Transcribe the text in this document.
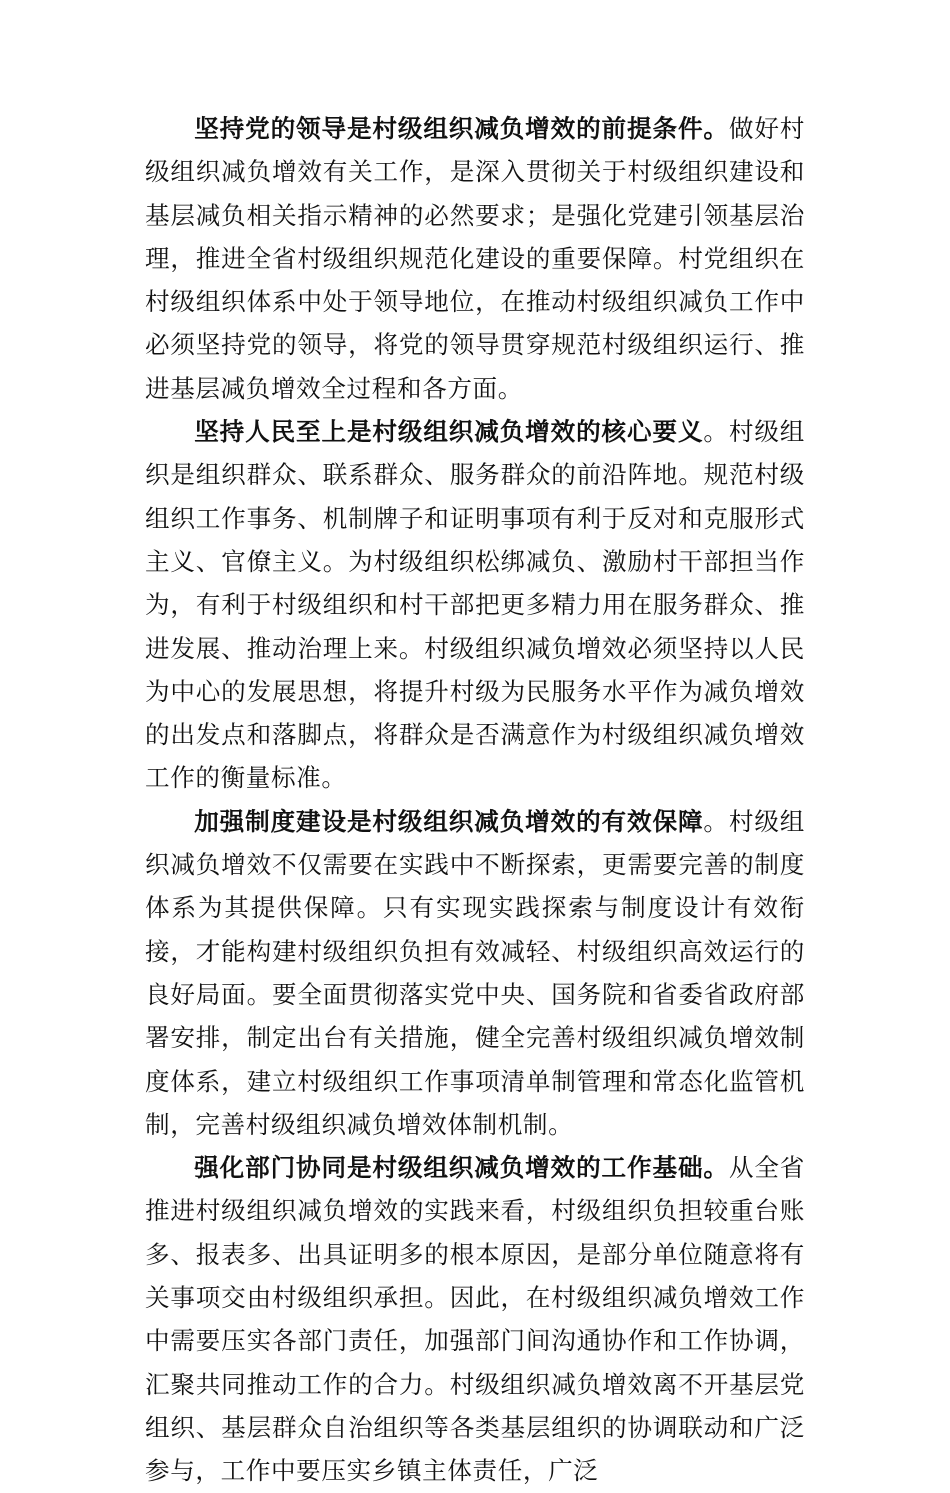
坚持党的领导是村级组织减负增效的前提条件。做好村级组织减负增效有关工作，是深入贯彻关于村级组织建设和基层减负相关指示精神的必然要求；是强化党建引领基层治理，推进全省村级组织规范化建设的重要保障。村党组织在村级组织体系中处于领导地位，在推动村级组织减负工作中必须坚持党的领导，将党的领导贯穿规范村级组织运行、推进基层减负增效全过程和各方面。

坚持人民至上是村级组织减负增效的核心要义。村级组织是组织群众、联系群众、服务群众的前沿阵地。规范村级组织工作事务、机制牌子和证明事项有利于反对和克服形式主义、官僚主义。为村级组织松绑减负、激励村干部担当作为，有利于村级组织和村干部把更多精力用在服务群众、推进发展、推动治理上来。村级组织减负增效必须坚持以人民为中心的发展思想，将提升村级为民服务水平作为减负增效的出发点和落脚点，将群众是否满意作为村级组织减负增效工作的衡量标准。

加强制度建设是村级组织减负增效的有效保障。村级组织减负增效不仅需要在实践中不断探索，更需要完善的制度体系为其提供保障。只有实现实践探索与制度设计有效衔接，才能构建村级组织负担有效减轻、村级组织高效运行的良好局面。要全面贯彻落实党中央、国务院和省委省政府部署安排，制定出台有关措施，健全完善村级组织减负增效制度体系，建立村级组织工作事项清单制管理和常态化监管机制，完善村级组织减负增效体制机制。

强化部门协同是村级组织减负增效的工作基础。从全省推进村级组织减负增效的实践来看，村级组织负担较重台账多、报表多、出具证明多的根本原因，是部分单位随意将有关事项交由村级组织承担。因此，在村级组织减负增效工作中需要压实各部门责任，加强部门间沟通协作和工作协调，汇聚共同推动工作的合力。村级组织减负增效离不开基层党组织、基层群众自治组织等各类基层组织的协调联动和广泛参与，工作中要压实乡镇主体责任，广泛
